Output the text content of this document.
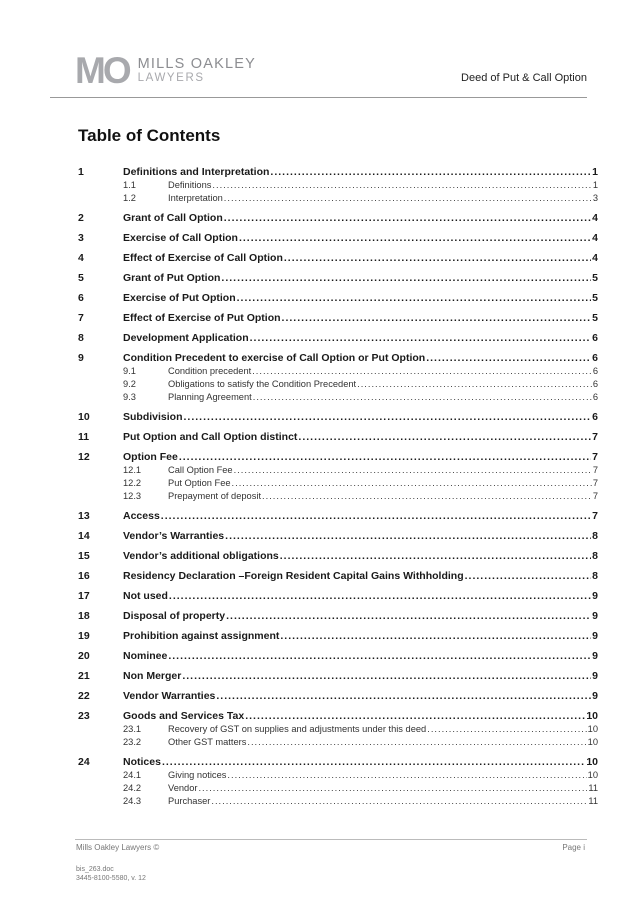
MO MILLS OAKLEY
LAWYERS	Deed of Put & Call Option
Table of Contents
1	Definitions and Interpretation .....	1
1.1	Definitions .....	1
1.2	Interpretation .....	3
2	Grant of Call Option .....	4
3	Exercise of Call Option .....	4
4	Effect of Exercise of Call Option .....	4
5	Grant of Put Option .....	5
6	Exercise of Put Option .....	5
7	Effect of Exercise of Put Option .....	5
8	Development Application .....	6
9	Condition Precedent to exercise of Call Option or Put Option .....	6
9.1	Condition precedent .....	6
9.2	Obligations to satisfy the Condition Precedent .....	6
9.3	Planning Agreement .....	6
10	Subdivision .....	6
11	Put Option and Call Option distinct .....	7
12	Option Fee .....	7
12.1	Call Option Fee .....	7
12.2	Put Option Fee .....	7
12.3	Prepayment of deposit .....	7
13	Access .....	7
14	Vendor’s Warranties .....	8
15	Vendor’s additional obligations .....	8
16	Residency Declaration –Foreign Resident Capital Gains Withholding .....	8
17	Not used .....	9
18	Disposal of property .....	9
19	Prohibition against assignment .....	9
20	Nominee .....	9
21	Non Merger .....	9
22	Vendor Warranties .....	9
23	Goods and Services Tax .....	10
23.1	Recovery of GST on supplies and adjustments under this deed .....	10
23.2	Other GST matters .....	10
24	Notices .....	10
24.1	Giving notices .....	10
24.2	Vendor .....	11
24.3	Purchaser .....	11
Mills Oakley Lawyers ©	Page i
bis_263.doc
3445-8100-5580, v. 12
